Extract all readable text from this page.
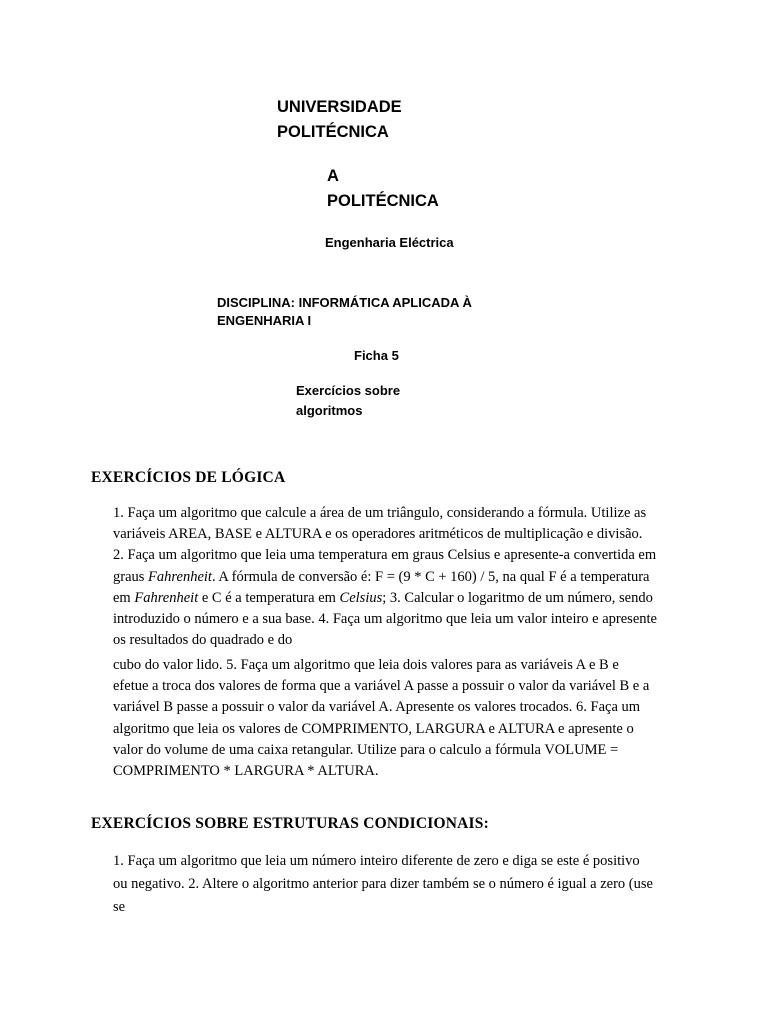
UNIVERSIDADE
POLITÉCNICA
A
POLITÉCNICA
Engenharia Eléctrica
DISCIPLINA: INFORMÁTICA APLICADA À
ENGENHARIA I
Ficha 5
Exercícios sobre
algoritmos
EXERCÍCIOS DE LÓGICA
1. Faça um algoritmo que calcule a área de um triângulo, considerando a fórmula. Utilize as
variáveis AREA, BASE e ALTURA e os operadores aritméticos de multiplicação e divisão.
2. Faça um algoritmo que leia uma temperatura em graus Celsius e apresente-a convertida em
graus Fahrenheit. A fórmula de conversão é: F = (9 * C + 160) / 5, na qual F é a temperatura
em Fahrenheit e C é a temperatura em Celsius; 3. Calcular o logaritmo de um número, sendo
introduzido o número e a sua base. 4. Faça um algoritmo que leia um valor inteiro e apresente
os resultados do quadrado e do
cubo do valor lido. 5. Faça um algoritmo que leia dois valores para as variáveis A e B e
efetue a troca dos valores de forma que a variável A passe a possuir o valor da variável B e a
variável B passe a possuir o valor da variável A. Apresente os valores trocados. 6. Faça um
algoritmo que leia os valores de COMPRIMENTO, LARGURA e ALTURA e apresente o
valor do volume de uma caixa retangular. Utilize para o calculo a fórmula VOLUME =
COMPRIMENTO * LARGURA * ALTURA.
EXERCÍCIOS SOBRE ESTRUTURAS CONDICIONAIS:
1. Faça um algoritmo que leia um número inteiro diferente de zero e diga se este é positivo
ou negativo. 2. Altere o algoritmo anterior para dizer também se o número é igual a zero (use
se
